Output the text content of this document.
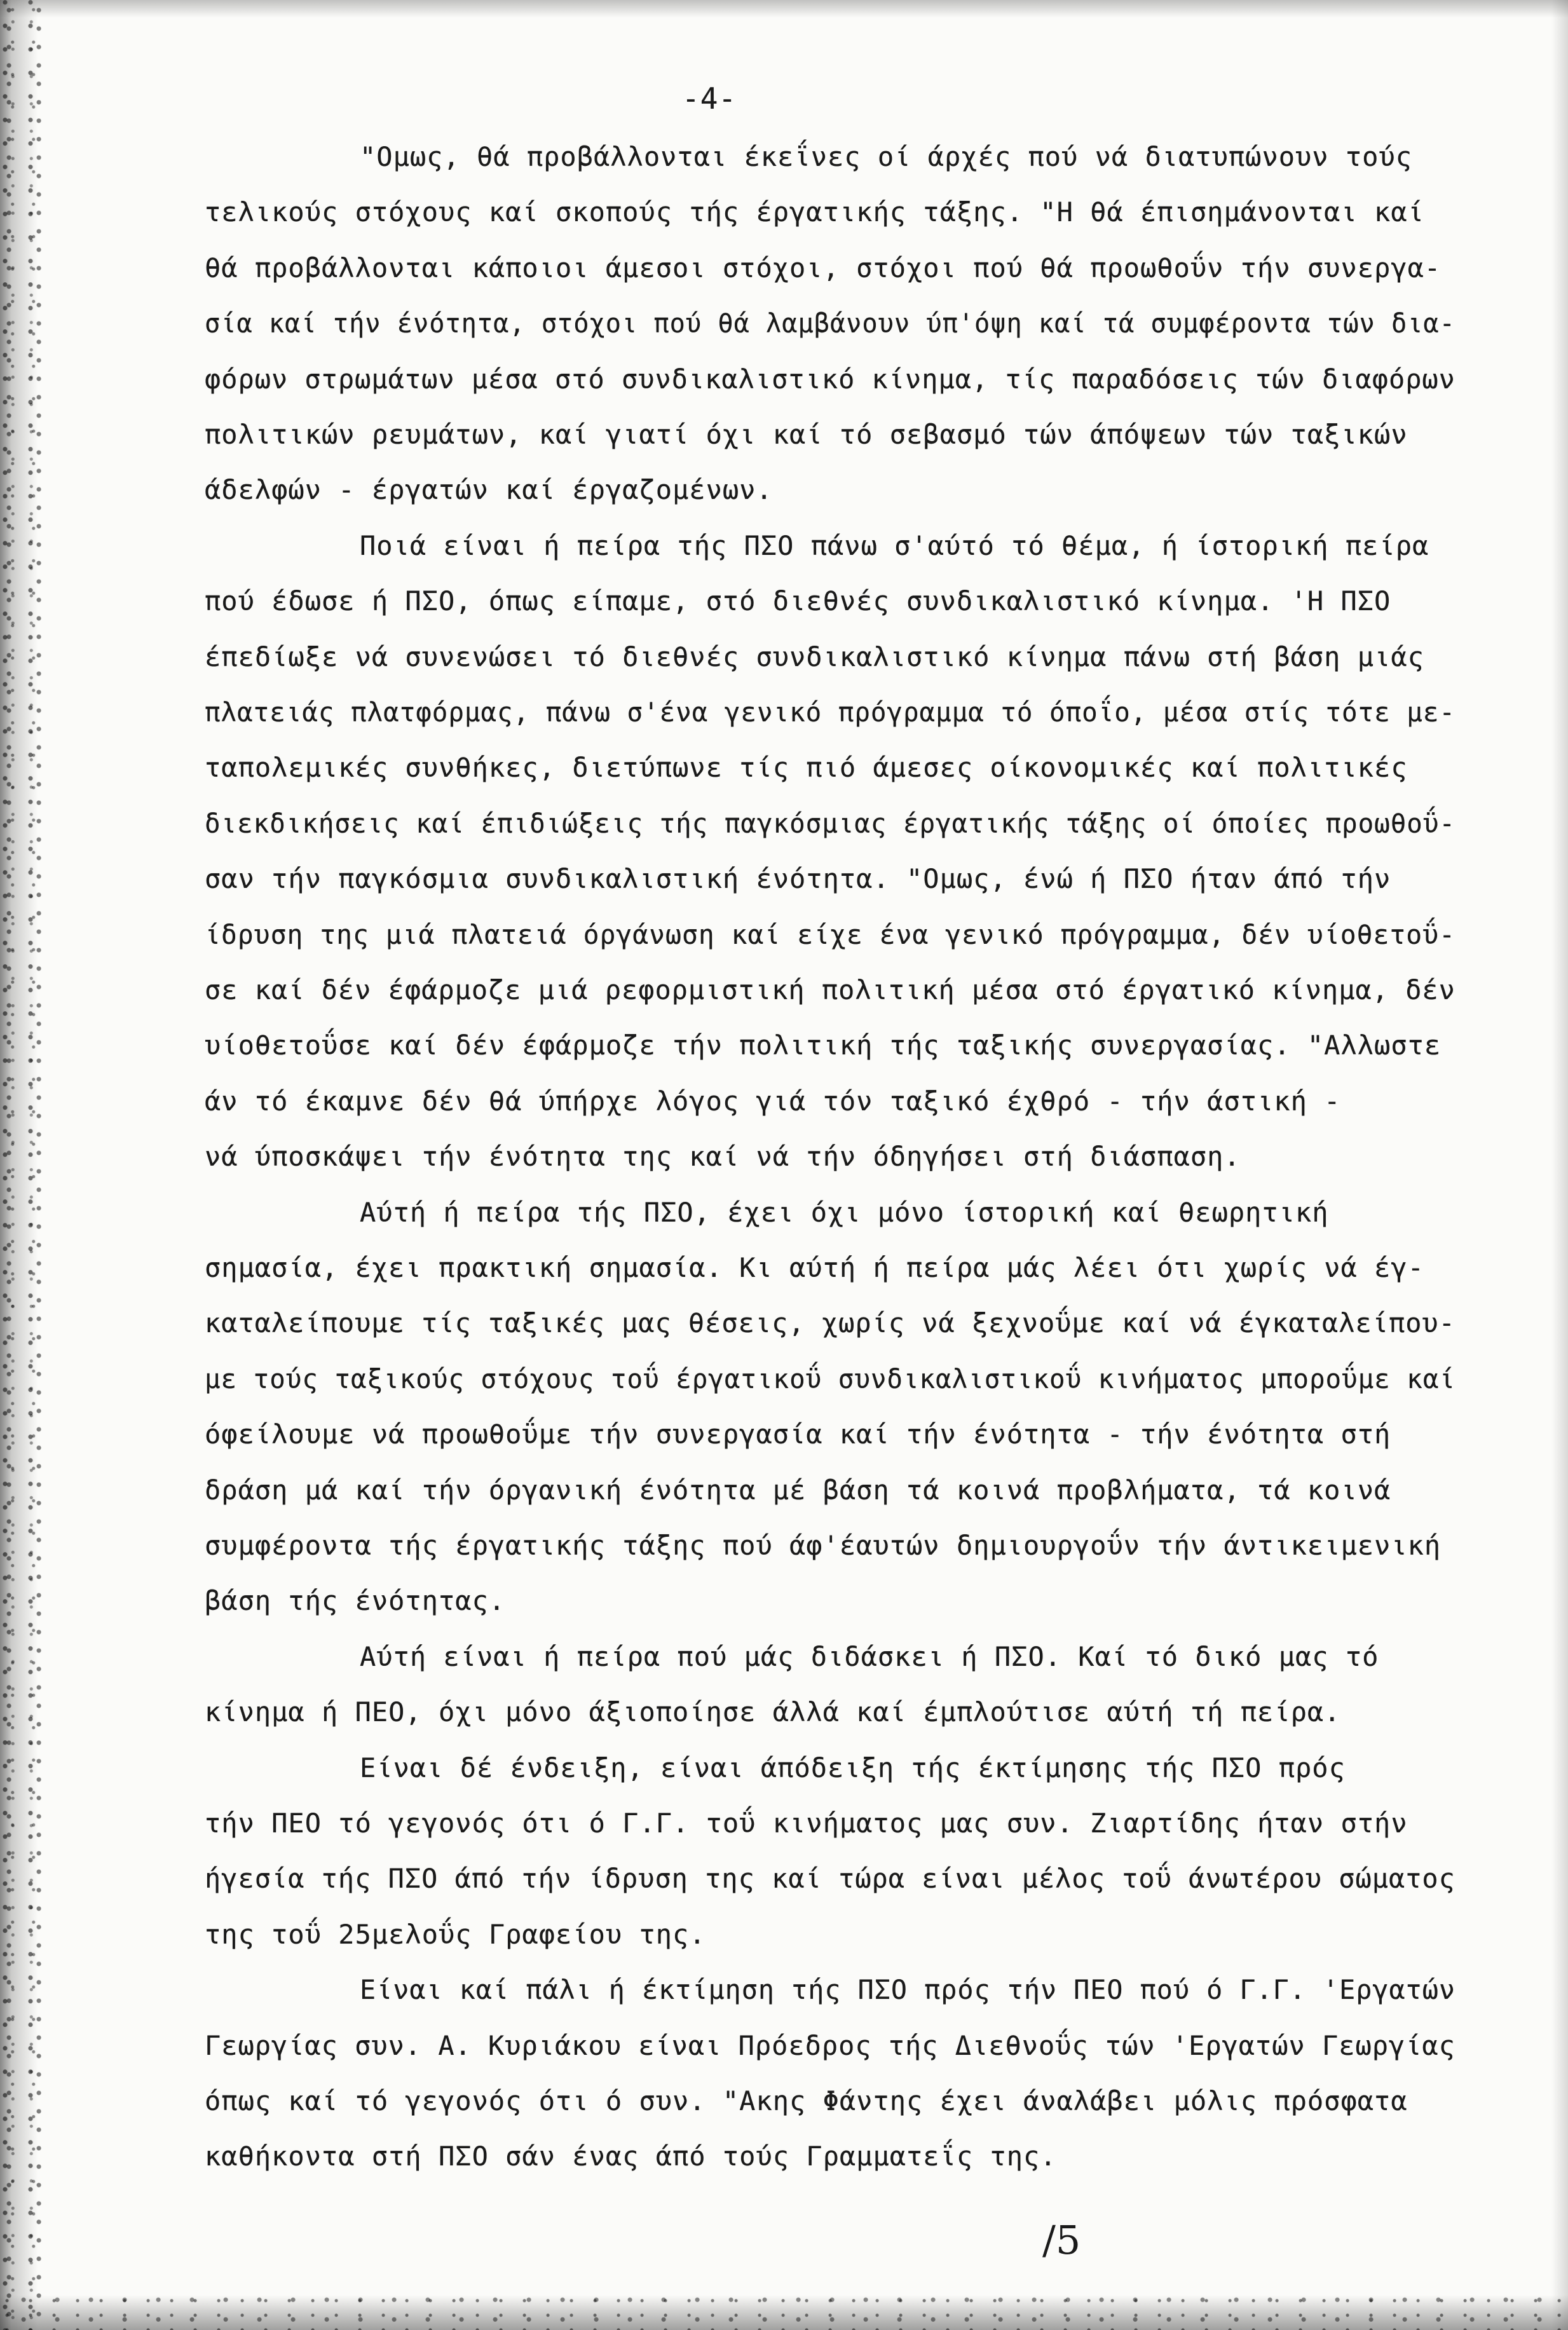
-4-
"Ομως, θά προβάλλονται έκεΐνες οί άρχές πού νά διατυπώνουν τούς
τελικούς στόχους καί σκοπούς τής έργατικής τάξης. "Η θά έπισημάνονται καί
θά προβάλλονται κάποιοι άμεσοι στόχοι, στόχοι πού θά προωθοΰν τήν συνεργα-
σία καί τήν ένότητα, στόχοι πού θά λαμβάνουν ύπ'όψη καί τά συμφέροντα τών δια-
φόρων στρωμάτων μέσα στό συνδικαλιστικό κίνημα, τίς παραδόσεις τών διαφόρων
πολιτικών ρευμάτων, καί γιατί όχι καί τό σεβασμό τών άπόψεων τών ταξικών
άδελφών - έργατών καί έργαζομένων.
Ποιά είναι ή πείρα τής ΠΣΟ πάνω σ'αύτό τό θέμα, ή ίστορική πείρα
πού έδωσε ή ΠΣΟ, όπως είπαμε, στό διεθνές συνδικαλιστικό κίνημα. 'Η ΠΣΟ
έπεδίωξε νά συνενώσει τό διεθνές συνδικαλιστικό κίνημα πάνω στή βάση μιάς
πλατειάς πλατφόρμας, πάνω σ'ένα γενικό πρόγραμμα τό όποΐο, μέσα στίς τότε με-
ταπολεμικές συνθήκες, διετύπωνε τίς πιό άμεσες οίκονομικές καί πολιτικές
διεκδικήσεις καί έπιδιώξεις τής παγκόσμιας έργατικής τάξης οί όποίες προωθοΰ-
σαν τήν παγκόσμια συνδικαλιστική ένότητα. "Ομως, ένώ ή ΠΣΟ ήταν άπό τήν
ίδρυση της μιά πλατειά όργάνωση καί είχε ένα γενικό πρόγραμμα, δέν υίοθετοΰ-
σε καί δέν έφάρμοζε μιά ρεφορμιστική πολιτική μέσα στό έργατικό κίνημα, δέν
υίοθετοΰσε καί δέν έφάρμοζε τήν πολιτική τής ταξικής συνεργασίας. "Αλλωστε
άν τό έκαμνε δέν θά ύπήρχε λόγος γιά τόν ταξικό έχθρό - τήν άστική -
νά ύποσκάψει τήν ένότητα της καί νά τήν όδηγήσει στή διάσπαση.
Αύτή ή πείρα τής ΠΣΟ, έχει όχι μόνο ίστορική καί θεωρητική
σημασία, έχει πρακτική σημασία. Κι αύτή ή πείρα μάς λέει ότι χωρίς νά έγ-
καταλείπουμε τίς ταξικές μας θέσεις, χωρίς νά ξεχνοΰμε καί νά έγκαταλείπου-
με τούς ταξικούς στόχους τοΰ έργατικοΰ συνδικαλιστικοΰ κινήματος μποροΰμε καί
όφείλουμε νά προωθοΰμε τήν συνεργασία καί τήν ένότητα - τήν ένότητα στή
δράση μά καί τήν όργανική ένότητα μέ βάση τά κοινά προβλήματα, τά κοινά
συμφέροντα τής έργατικής τάξης πού άφ'έαυτών δημιουργοΰν τήν άντικειμενική
βάση τής ένότητας.
Αύτή είναι ή πείρα πού μάς διδάσκει ή ΠΣΟ. Καί τό δικό μας τό
κίνημα ή ΠΕΟ, όχι μόνο άξιοποίησε άλλά καί έμπλούτισε αύτή τή πείρα.
Είναι δέ ένδειξη, είναι άπόδειξη τής έκτίμησης τής ΠΣΟ πρός
τήν ΠΕΟ τό γεγονός ότι ό Γ.Γ. τοΰ κινήματος μας συν. Ζιαρτίδης ήταν στήν
ήγεσία τής ΠΣΟ άπό τήν ίδρυση της καί τώρα είναι μέλος τοΰ άνωτέρου σώματος
της τοΰ 25μελοΰς Γραφείου της.
Είναι καί πάλι ή έκτίμηση τής ΠΣΟ πρός τήν ΠΕΟ πού ό Γ.Γ. 'Εργατών
Γεωργίας συν. Α. Κυριάκου είναι Πρόεδρος τής Διεθνοΰς τών 'Εργατών Γεωργίας
όπως καί τό γεγονός ότι ό συν. "Ακης Φάντης έχει άναλάβει μόλις πρόσφατα
καθήκοντα στή ΠΣΟ σάν ένας άπό τούς Γραμματεΐς της.
/5
